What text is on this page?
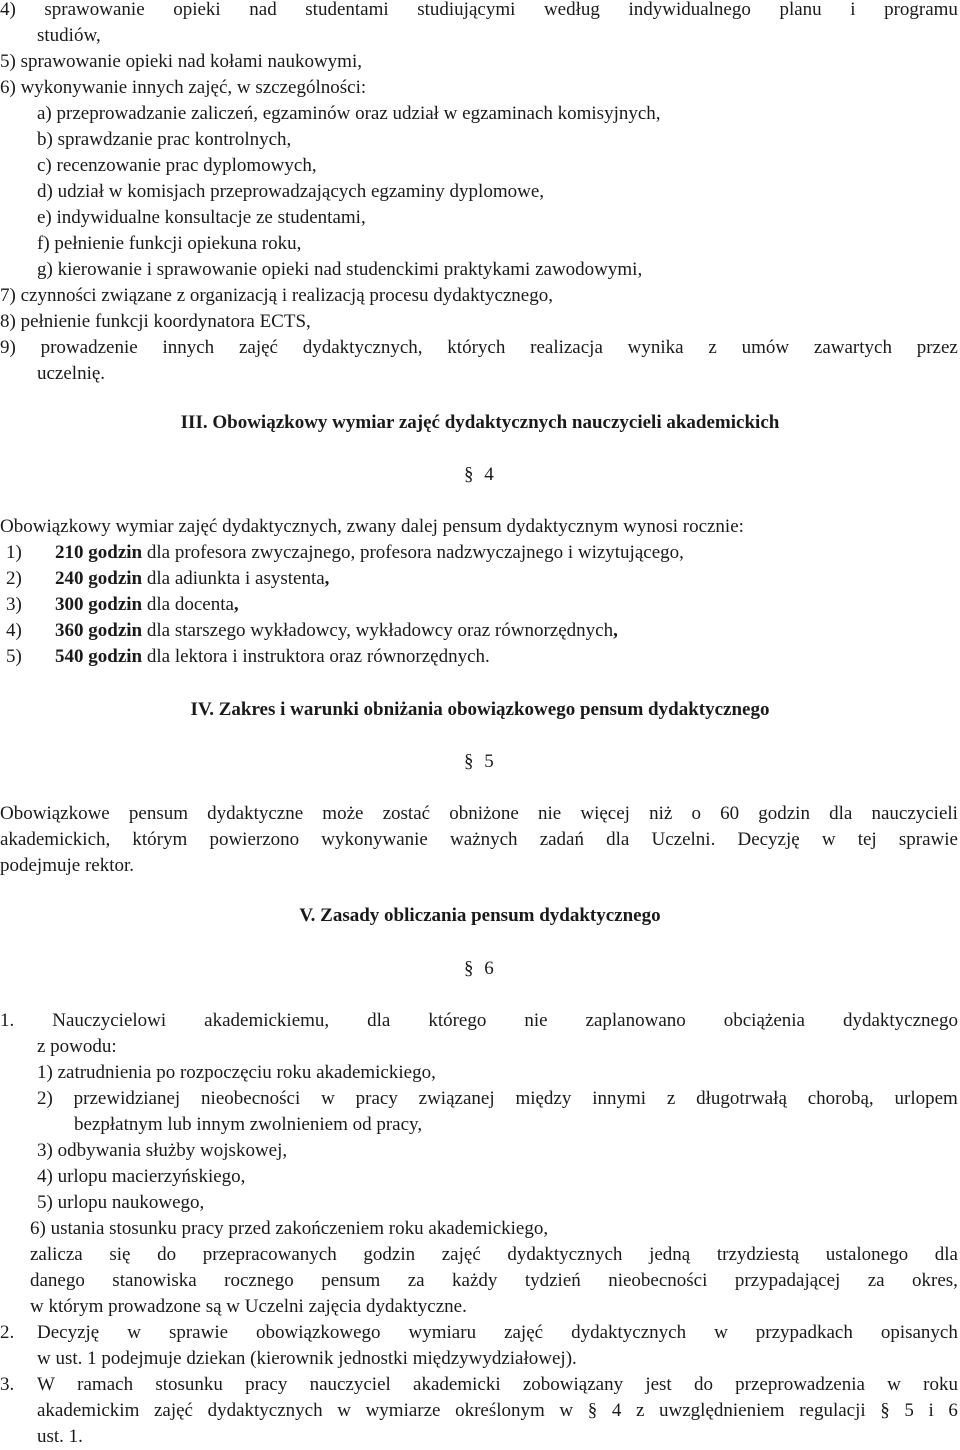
4) sprawowanie opieki nad studentami studiującymi według indywidualnego planu i programu
studiów,
5) sprawowanie opieki nad kołami naukowymi,
6) wykonywanie innych zajęć, w szczególności:
a) przeprowadzanie zaliczeń, egzaminów oraz udział w egzaminach komisyjnych,
b) sprawdzanie prac kontrolnych,
c) recenzowanie prac dyplomowych,
d) udział w komisjach przeprowadzających egzaminy dyplomowe,
e) indywidualne konsultacje ze studentami,
f) pełnienie funkcji opiekuna roku,
g) kierowanie i sprawowanie opieki nad studenckimi praktykami zawodowymi,
7) czynności związane z organizacją i realizacją procesu dydaktycznego,
8) pełnienie funkcji koordynatora ECTS,
9) prowadzenie innych zajęć dydaktycznych, których realizacja wynika z umów zawartych przez
uczelnię.
III. Obowiązkowy wymiar zajęć dydaktycznych nauczycieli akademickich
§ 4
Obowiązkowy wymiar zajęć dydaktycznych, zwany dalej pensum dydaktycznym wynosi rocznie:
1) 210 godzin dla profesora zwyczajnego, profesora nadzwyczajnego i wizytującego,
2) 240 godzin dla adiunkta i asystenta,
3) 300 godzin dla docenta,
4) 360 godzin dla starszego wykładowcy, wykładowcy oraz równorzędnych,
5) 540 godzin dla lektora i instruktora oraz równorzędnych.
IV. Zakres i warunki obniżania obowiązkowego pensum dydaktycznego
§ 5
Obowiązkowe pensum dydaktyczne może zostać obniżone nie więcej niż o 60 godzin dla nauczycieli
akademickich, którym powierzono wykonywanie ważnych zadań dla Uczelni. Decyzję w tej sprawie
podejmuje rektor.
V. Zasady obliczania pensum dydaktycznego
§ 6
1. Nauczycielowi akademickiemu, dla którego nie zaplanowano obciążenia dydaktycznego
z powodu:
1) zatrudnienia po rozpoczęciu roku akademickiego,
2) przewidzianej nieobecności w pracy związanej między innymi z długotrwałą chorobą, urlopem
bezpłatnym lub innym zwolnieniem od pracy,
3) odbywania służby wojskowej,
4) urlopu macierzyńskiego,
5) urlopu naukowego,
6) ustania stosunku pracy przed zakończeniem roku akademickiego,
zalicza się do przepracowanych godzin zajęć dydaktycznych jedną trzydziestą ustalonego dla
danego stanowiska rocznego pensum za każdy tydzień nieobecności przypadającej za okres,
w którym prowadzone są w Uczelni zajęcia dydaktyczne.
2. Decyzję w sprawie obowiązkowego wymiaru zajęć dydaktycznych w przypadkach opisanych
w ust. 1 podejmuje dziekan (kierownik jednostki międzywydziałowej).
3. W ramach stosunku pracy nauczyciel akademicki zobowiązany jest do przeprowadzenia w roku
akademickim zajęć dydaktycznych w wymiarze określonym w § 4 z uwzględnieniem regulacji § 5 i 6
ust. 1.
